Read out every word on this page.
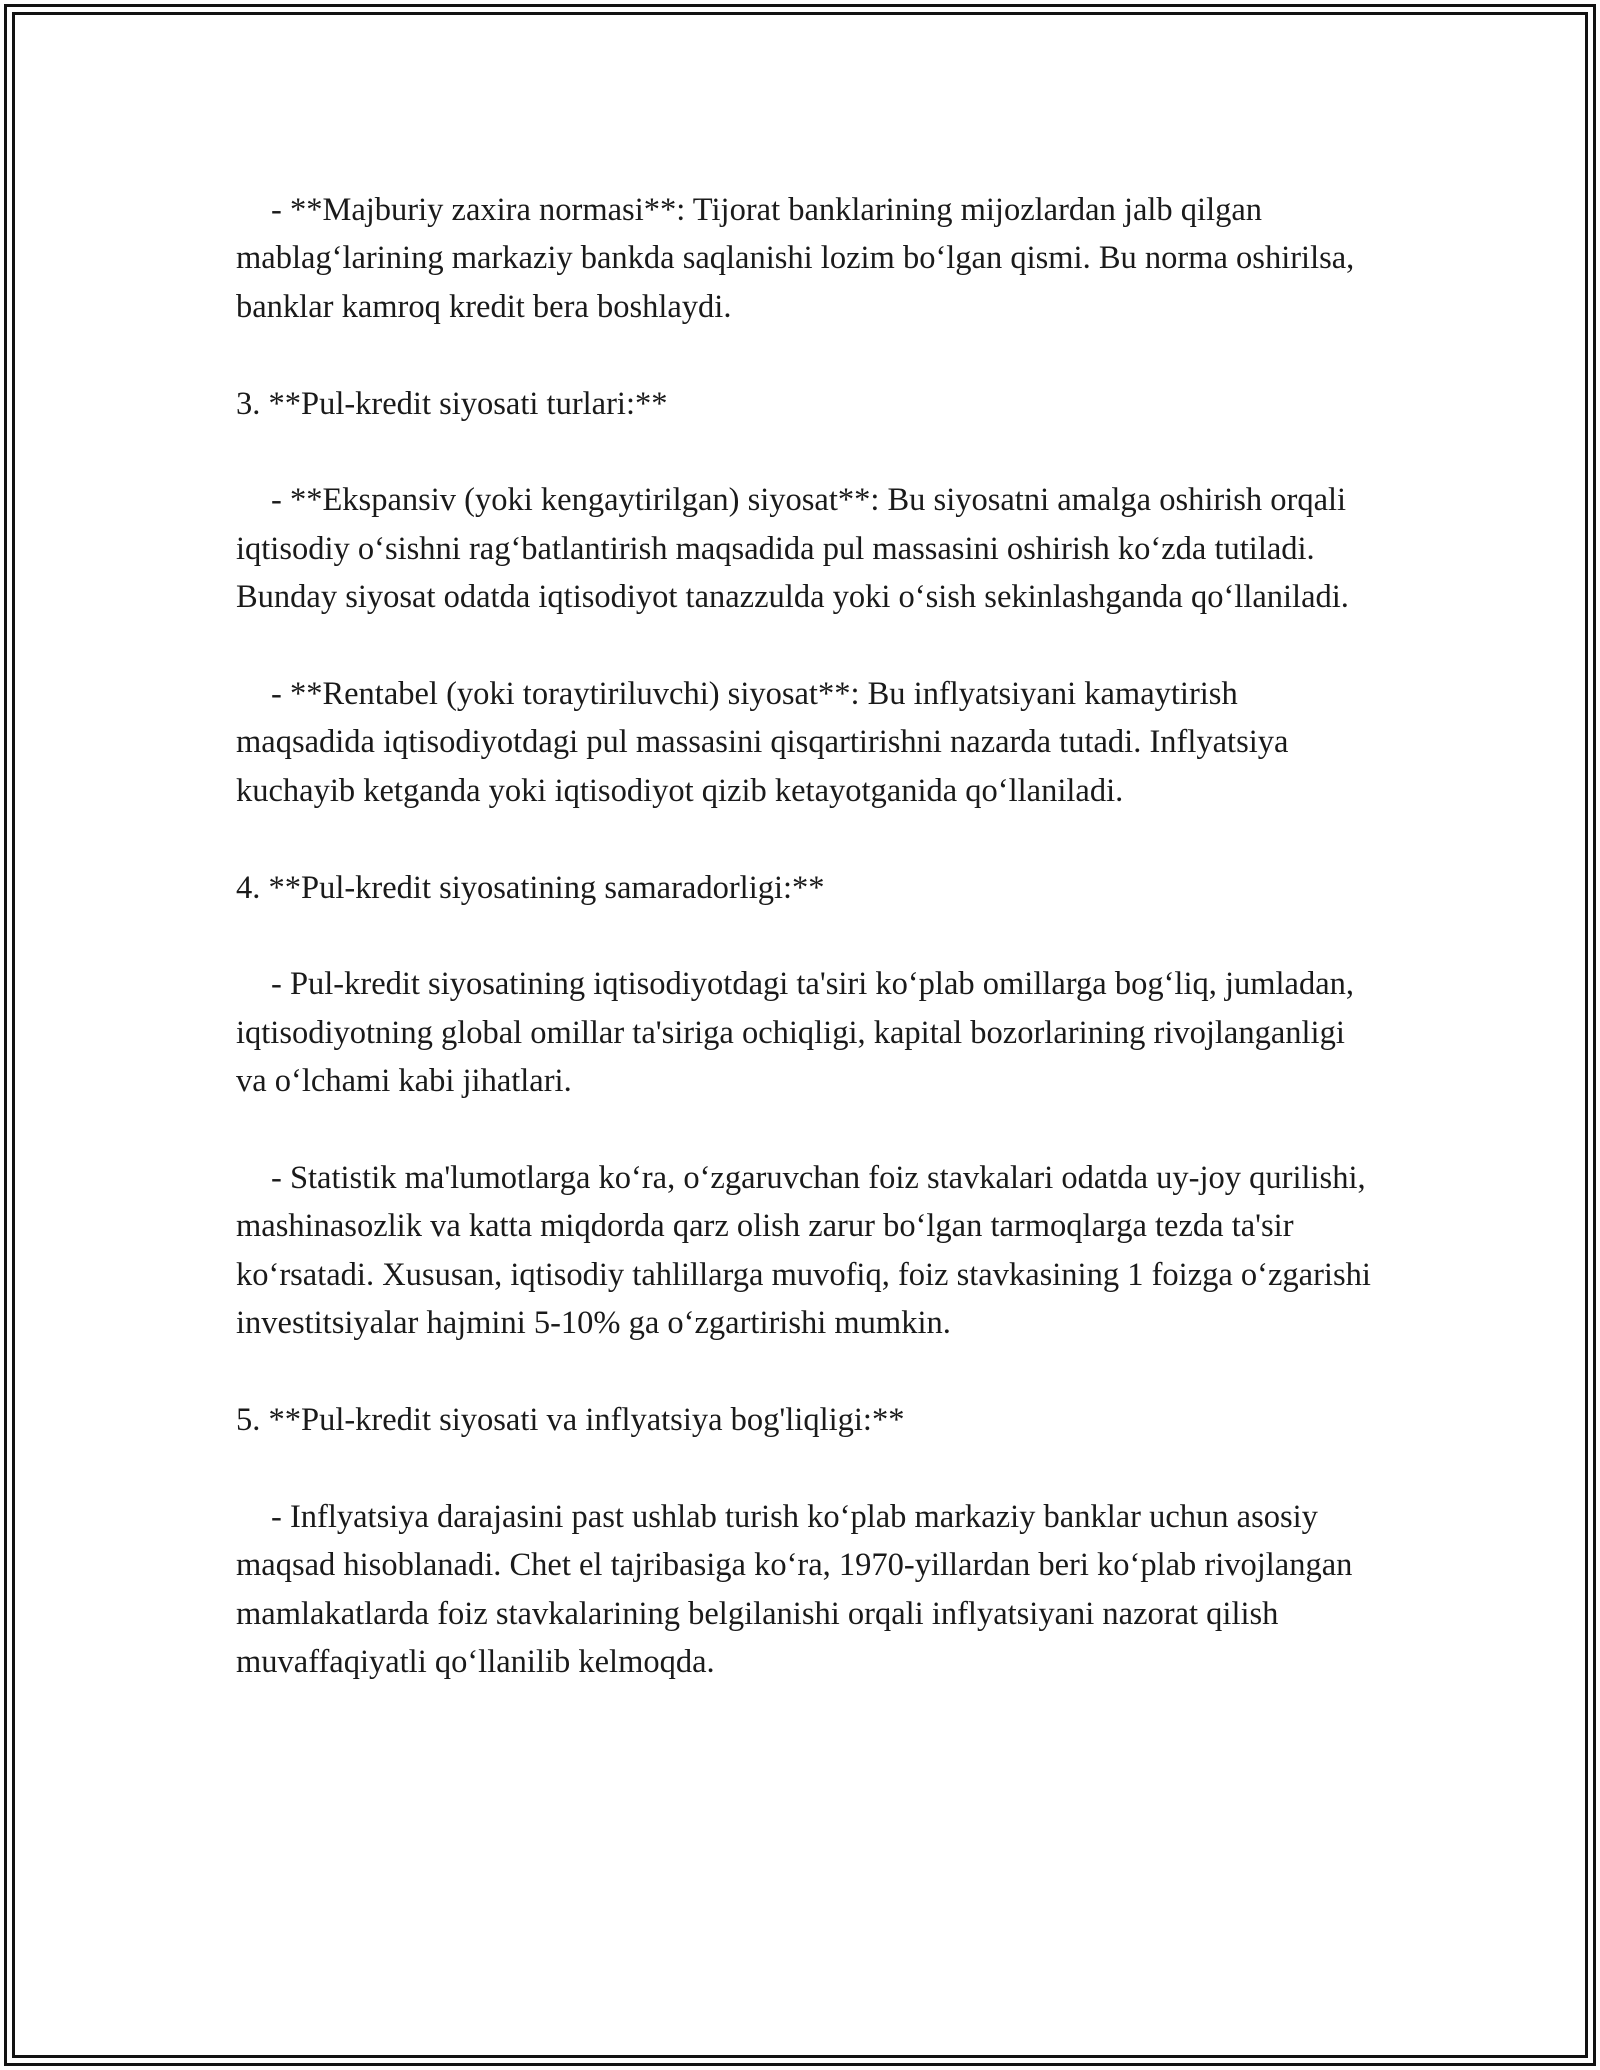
- **Majburiy zaxira normasi**: Tijorat banklarining mijozlardan jalb qilgan mablag‘larining markaziy bankda saqlanishi lozim bo‘lgan qismi. Bu norma oshirilsa, banklar kamroq kredit bera boshlaydi.

3. **Pul-kredit siyosati turlari:**

- **Ekspansiv (yoki kengaytirilgan) siyosat**: Bu siyosatni amalga oshirish orqali iqtisodiy o‘sishni rag‘batlantirish maqsadida pul massasini oshirish ko‘zda tutiladi. Bunday siyosat odatda iqtisodiyot tanazzulda yoki o‘sish sekinlashganda qo‘llaniladi.

- **Rentabel (yoki toraytiriluvchi) siyosat**: Bu inflyatsiyani kamaytirish maqsadida iqtisodiyotdagi pul massasini qisqartirishni nazarda tutadi. Inflyatsiya kuchayib ketganda yoki iqtisodiyot qizib ketayotganida qo‘llaniladi.

4. **Pul-kredit siyosatining samaradorligi:**

- Pul-kredit siyosatining iqtisodiyotdagi ta'siri ko‘plab omillarga bog‘liq, jumladan, iqtisodiyotning global omillar ta'siriga ochiqligi, kapital bozorlarining rivojlanganligi va o‘lchami kabi jihatlari.

- Statistik ma'lumotlarga ko‘ra, o‘zgaruvchan foiz stavkalari odatda uy-joy qurilishi, mashinasozlik va katta miqdorda qarz olish zarur bo‘lgan tarmoqlarga tezda ta'sir ko‘rsatadi. Xususan, iqtisodiy tahlillarga muvofiq, foiz stavkasining 1 foizga o‘zgarishi investitsiyalar hajmini 5-10% ga o‘zgartirishi mumkin.

5. **Pul-kredit siyosati va inflyatsiya bog'liqligi:**

- Inflyatsiya darajasini past ushlab turish ko‘plab markaziy banklar uchun asosiy maqsad hisoblanadi. Chet el tajribasiga ko‘ra, 1970-yillardan beri ko‘plab rivojlangan mamlakatlarda foiz stavkalarining belgilanishi orqali inflyatsiyani nazorat qilish muvaffaqiyatli qo‘llanilib kelmoqda.
